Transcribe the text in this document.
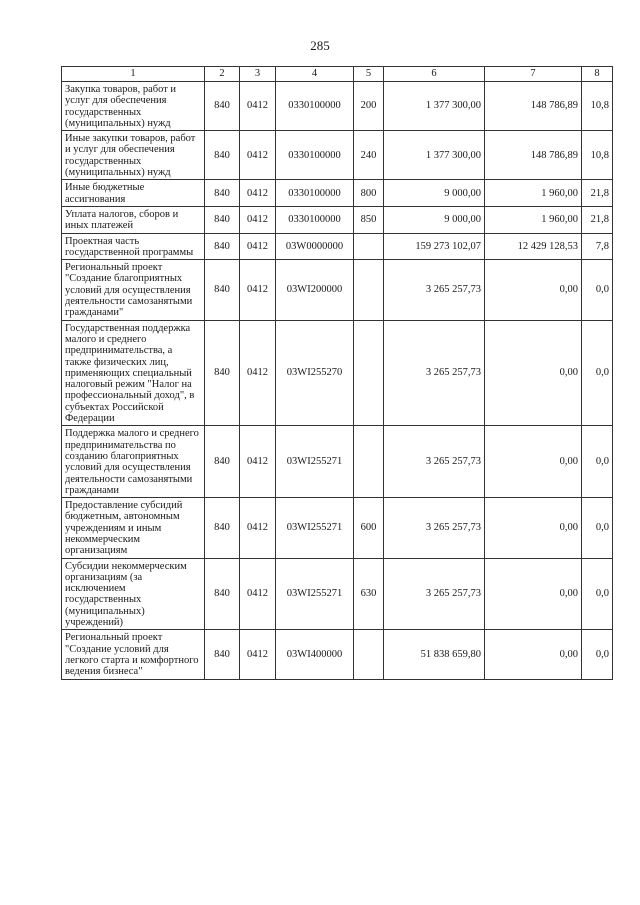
285
1	2	3	4	5	6	7	8
Закупка товаров, работ и услуг для обеспечения государственных (муниципальных) нужд	840	0412	0330100000	200	1 377 300,00	148 786,89	10,8
Иные закупки товаров, работ и услуг для обеспечения государственных (муниципальных) нужд	840	0412	0330100000	240	1 377 300,00	148 786,89	10,8
Иные бюджетные ассигнования	840	0412	0330100000	800	9 000,00	1 960,00	21,8
Уплата налогов, сборов и иных платежей	840	0412	0330100000	850	9 000,00	1 960,00	21,8
Проектная часть государственной программы	840	0412	03W0000000		159 273 102,07	12 429 128,53	7,8
Региональный проект "Создание благоприятных условий для осуществления деятельности самозанятыми гражданами"	840	0412	03WI200000		3 265 257,73	0,00	0,0
Государственная поддержка малого и среднего предпринимательства, а также физических лиц, применяющих специальный налоговый режим "Налог на профессиональный доход", в субъектах Российской Федерации	840	0412	03WI255270		3 265 257,73	0,00	0,0
Поддержка малого и среднего предпринимательства по созданию благоприятных условий для осуществления деятельности самозанятыми гражданами	840	0412	03WI255271		3 265 257,73	0,00	0,0
Предоставление субсидий бюджетным, автономным учреждениям и иным некоммерческим организациям	840	0412	03WI255271	600	3 265 257,73	0,00	0,0
Субсидии некоммерческим организациям (за исключением государственных (муниципальных) учреждений)	840	0412	03WI255271	630	3 265 257,73	0,00	0,0
Региональный проект "Создание условий для легкого старта и комфортного ведения бизнеса"	840	0412	03WI400000		51 838 659,80	0,00	0,0
